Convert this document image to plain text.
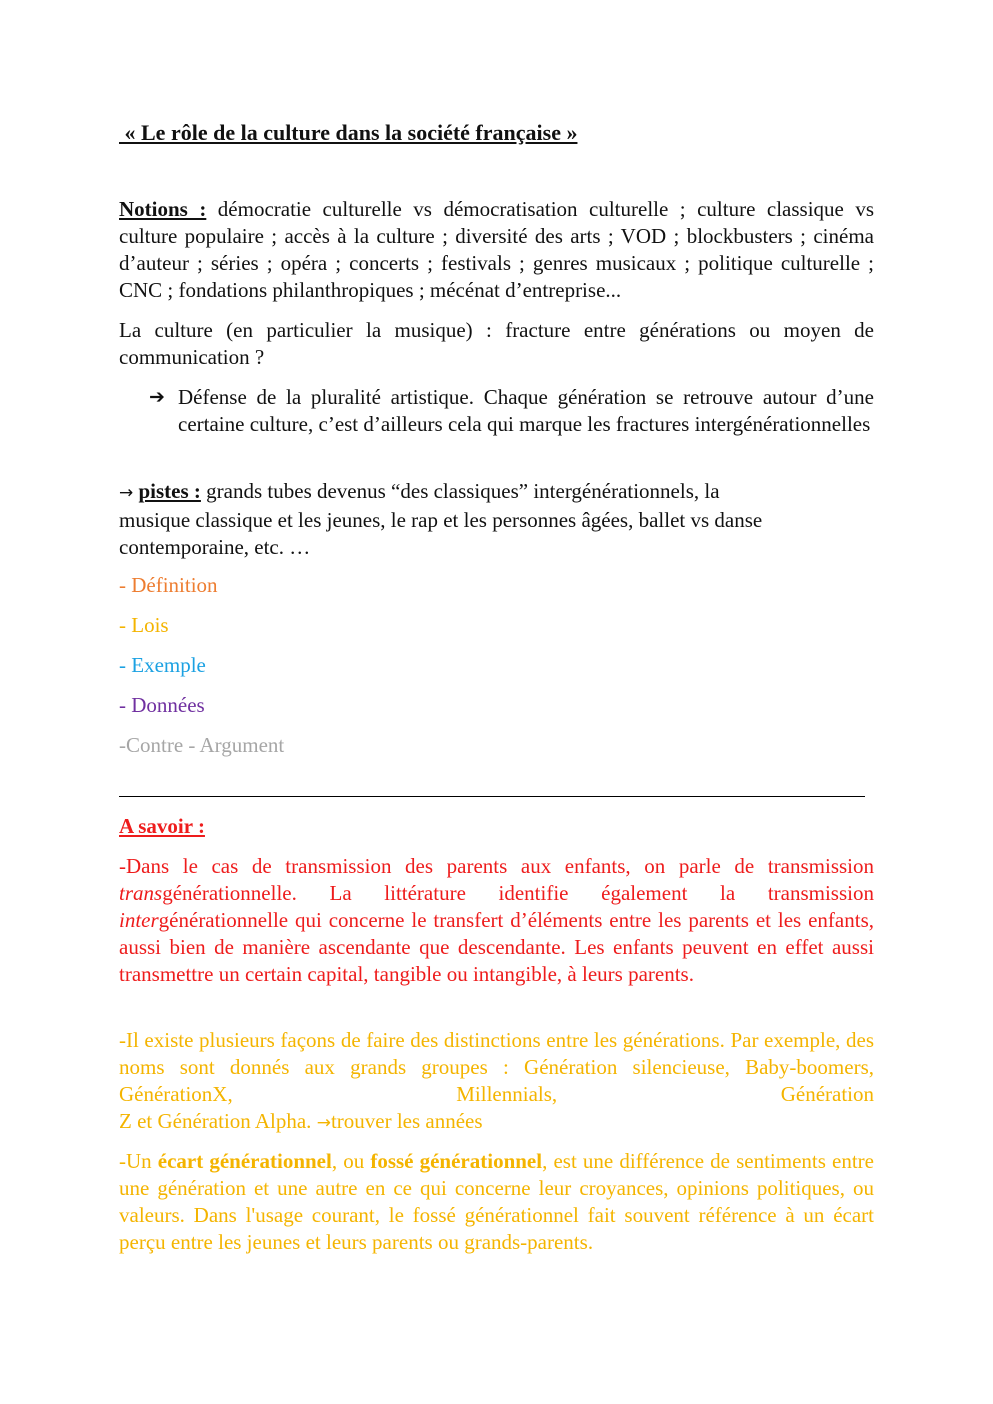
« Le rôle de la culture dans la société française »

Notions : démocratie culturelle vs démocratisation culturelle ; culture classique vs culture populaire ; accès à la culture ; diversité des arts ; VOD ; blockbusters ; cinéma d’auteur ; séries ; opéra ; concerts ; festivals ; genres musicaux ; politique culturelle ; CNC ; fondations philanthropiques ; mécénat d’entreprise...

La culture (en particulier la musique) : fracture entre générations ou moyen de communication ?

➔ Défense de la pluralité artistique. Chaque génération se retrouve autour d’une certaine culture, c’est d’ailleurs cela qui marque les fractures intergénérationnelles
→ pistes : grands tubes devenus “des classiques” intergénérationnels, la
musique classique et les jeunes, le rap et les personnes âgées, ballet vs danse
contemporaine, etc. …
- Définition
- Lois
- Exemple
- Données
-Contre - Argument
A savoir :

-Dans le cas de transmission des parents aux enfants, on parle de transmission transgénérationnelle. La littérature identifie également la transmission intergénérationnelle qui concerne le transfert d’éléments entre les parents et les enfants, aussi bien de manière ascendante que descendante. Les enfants peuvent en effet aussi transmettre un certain capital, tangible ou intangible, à leurs parents.

-Il existe plusieurs façons de faire des distinctions entre les générations. Par exemple, des noms sont donnés aux grands groupes : Génération silencieuse, Baby-boomers, GénérationX, Millennials, Génération
Z et Génération Alpha. →trouver les années

-Un écart générationnel, ou fossé générationnel, est une différence de sentiments entre une génération et une autre en ce qui concerne leur croyances, opinions politiques, ou valeurs. Dans l'usage courant, le fossé générationnel fait souvent référence à un écart perçu entre les jeunes et leurs parents ou grands-parents.
